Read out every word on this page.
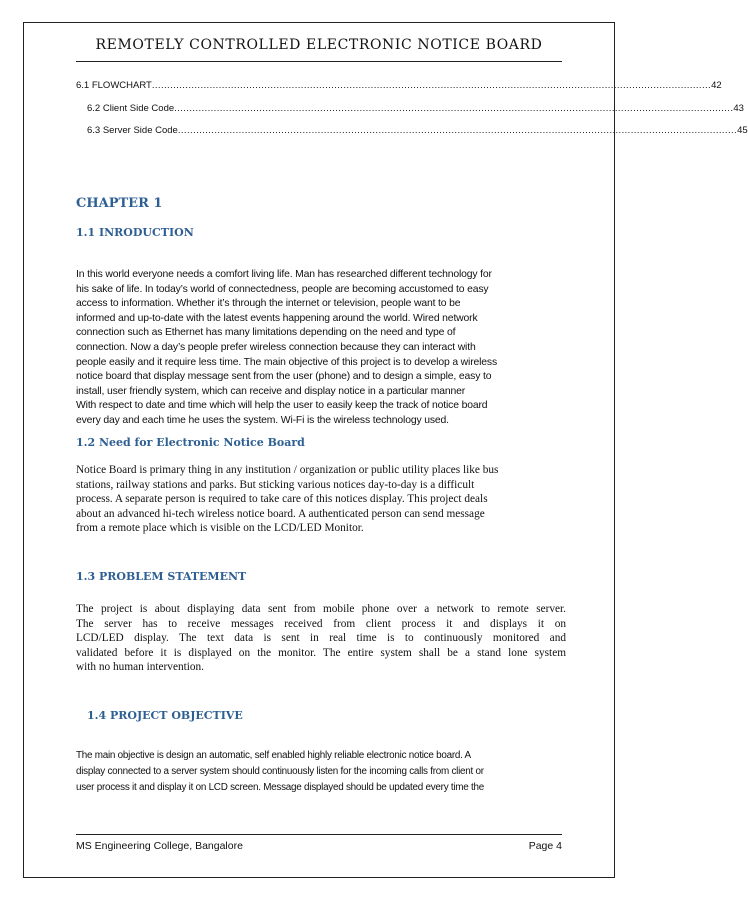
REMOTELY CONTROLLED ELECTRONIC NOTICE BOARD
6.1 FLOWCHART ........................................................................................................................................................................................ 42
6.2 Client Side Code ........................................................................................................................................................................................ 43
6.3 Server Side Code ........................................................................................................................................................................................ 45
CHAPTER 1
1.1 INRODUCTION
In this world everyone needs a comfort living life. Man has researched different technology for
his sake of life. In today’s world of connectedness, people are becoming accustomed to easy
access to information. Whether it’s through the internet or television, people want to be
informed and up-to-date with the latest events happening around the world. Wired network
connection such as Ethernet has many limitations depending on the need and type of
connection. Now a day’s people prefer wireless connection because they can interact with
people easily and it require less time. The main objective of this project is to develop a wireless
notice board that display message sent from the user (phone) and to design a simple, easy to
install, user friendly system, which can receive and display notice in a particular manner
With respect to date and time which will help the user to easily keep the track of notice board
every day and each time he uses the system. Wi-Fi is the wireless technology used.
1.2 Need for Electronic Notice Board
Notice Board is primary thing in any institution / organization or public utility places like bus
stations, railway stations and parks. But sticking various notices day-to-day is a difficult
process. A separate person is required to take care of this notices display. This project deals
about an advanced hi-tech wireless notice board. A authenticated person can send message
from a remote place which is visible on the LCD/LED Monitor.
1.3 PROBLEM STATEMENT
The project is about displaying data sent from mobile phone over a network to remote server.
The server has to receive messages received from client process it and displays it on
LCD/LED display. The text data is sent in real time is to continuously monitored and
validated before it is displayed on the monitor. The entire system shall be a stand lone system
with no human intervention.
1.4 PROJECT OBJECTIVE
The main objective is design an automatic, self enabled highly reliable electronic notice board. A
display connected to a server system should continuously listen for the incoming calls from client or
user process it and display it on LCD screen. Message displayed should be updated every time the
MS Engineering College, Bangalore	Page 4
